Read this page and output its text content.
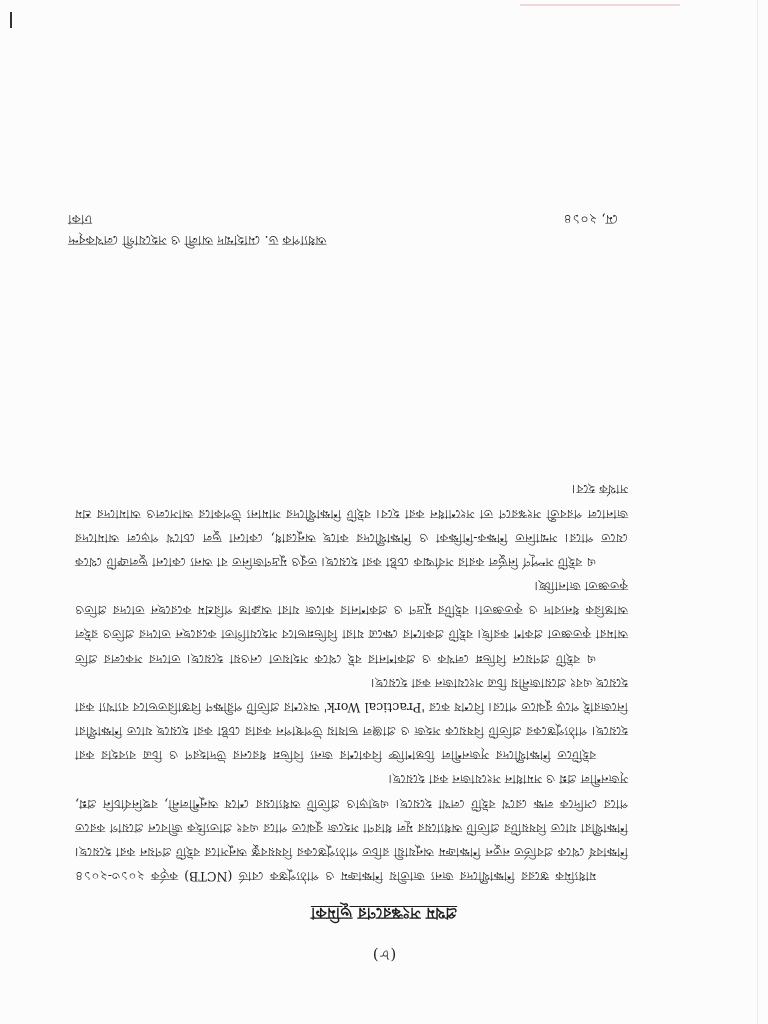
(৮)
প্রথম সংস্করণের ভূমিকা

মাধ্যমিক স্তরের শিক্ষার্থীদের জন্য জাতীয় শিক্ষাক্রম ও পাঠ্যপুস্তক বোর্ড (NCTB) কর্তৃক ২০১৩-২০১৪ শিক্ষাবর্ষ থেকে প্রবর্তিত নতুন শিক্ষাক্রম অনুযায়ী রচিত পাঠ্যপুস্তকের বিষয়বস্তু অনুসারে বইটি প্রণয়ন করা হয়েছে। শিক্ষার্থীরা যাতে বিষয়টির প্রতিটি অধ্যায়ের মূল ধারণা সহজে বুঝতে পারে এবং প্রাত্যহিক জীবনে প্রয়োগ করতে পারে সেদিকে লক্ষ রেখে বইটি লেখা হয়েছে। এছাড়াও প্রতিটি অধ্যায়ের শেষে অনুশীলনী, বহুনির্বাচনি প্রশ্ন, সৃজনশীল প্রশ্ন ও সমাধান সংযোজন করা হয়েছে।

বইটিতে শিক্ষার্থীদের সৃজনশীল চিন্তাশক্তি বিকাশের জন্য বিভিন্ন ধরনের উদাহরণ ও চিত্র ব্যবহার করা হয়েছে। পাঠ্যপুস্তকের প্রতিটি বিষয়কে সহজ ও প্রাঞ্জল ভাষায় উপস্থাপন করার চেষ্টা করা হয়েছে যাতে শিক্ষার্থীরা নিজেরাই পড়ে বুঝতে পারে। বিশেষ করে 'Practical Work' অংশের প্রতিটি পরীক্ষণ বিস্তারিতভাবে ব্যাখ্যা করা হয়েছে এবং প্রয়োজনীয় চিত্র সংযোজন করা হয়েছে।

এ বইটি প্রণয়নে বিভিন্ন লেখক ও প্রকাশনার বই থেকে সহায়তা নেওয়া হয়েছে। তাদের সকলের প্রতি আমরা কৃতজ্ঞতা প্রকাশ করছি। বইটি প্রকাশের ক্ষেত্রে যারা বিভিন্নভাবে সহযোগিতা করেছেন তাদের প্রতিও রইল আন্তরিক ধন্যবাদ ও কৃতজ্ঞতা। বইটির মুদ্রণ ও প্রকাশনার কাজে যারা অক্লান্ত পরিশ্রম করেছেন তাদের প্রতিও কৃতজ্ঞতা জানাচ্ছি।

এ বইটি সম্পূর্ণ নির্ভুল করার সর্বাত্মক চেষ্টা করা হয়েছে। তবুও মুদ্রণজনিত বা অন্য কোনো ভুলত্রুটি থেকে যেতে পারে। সম্মানিত শিক্ষক-শিক্ষিকা ও শিক্ষার্থীদের কাছে অনুরোধ, কোনো ভুল চোখে পড়লে আমাদের জানালে পরবর্তী সংস্করণে তা সংশোধন করা হবে। বইটি শিক্ষার্থীদের সামান্য উপকারে আসলেও আমাদের শ্রম সার্থক হবে।

মে, ২০১৪
অধ্যাপক ড. মোহাম্মদ আলী ও সহযোগী লেখকবৃন্দ
ঢাকা
